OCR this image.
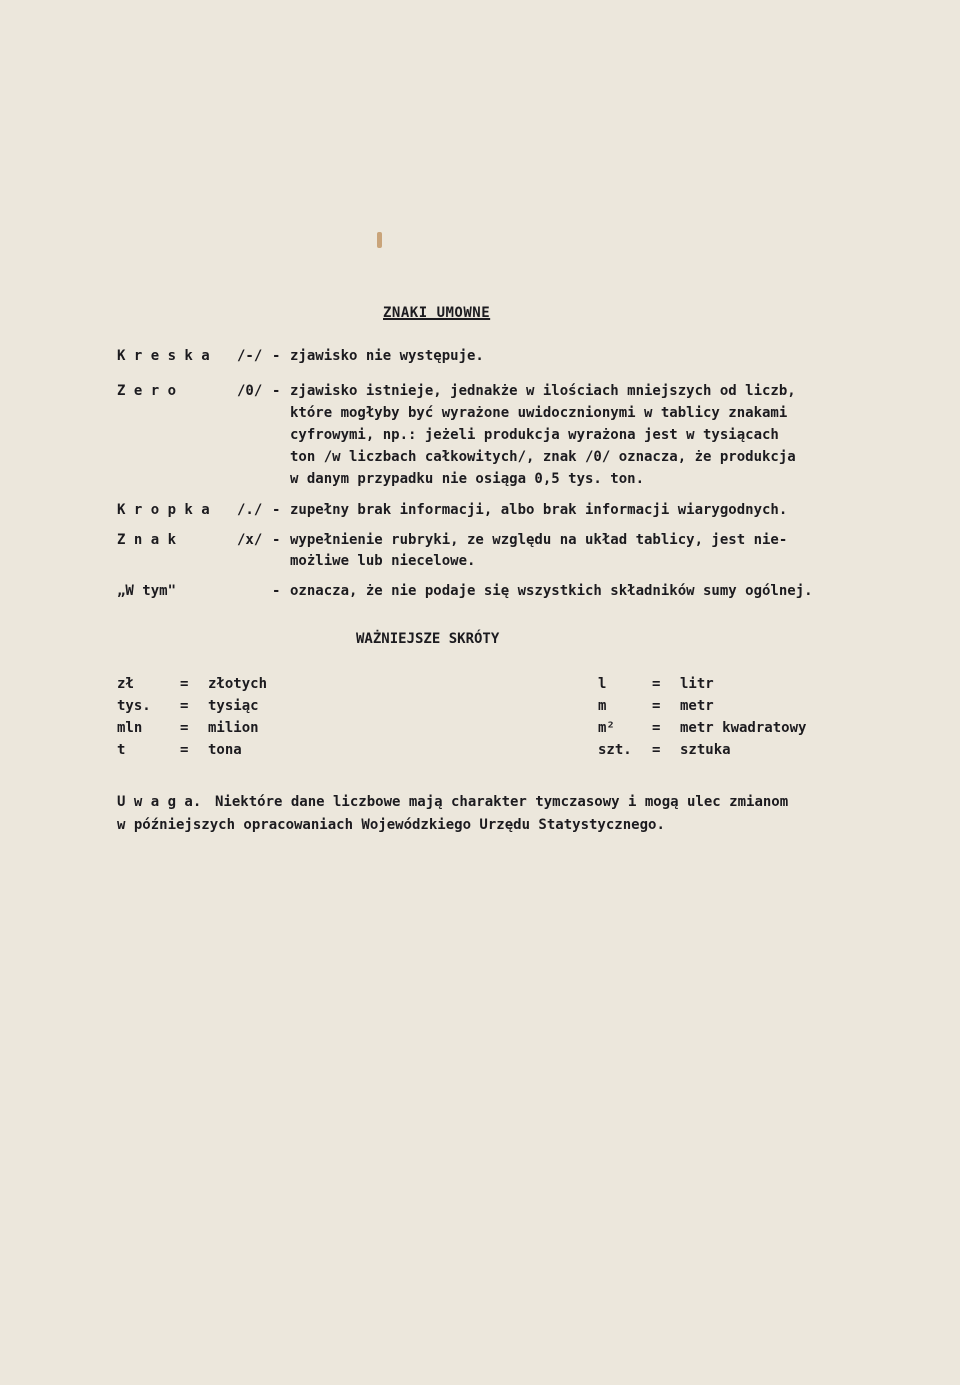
ZNAKI UMOWNE
K r e s k a /-/ - zjawisko nie występuje.
Z e r o	/0/ - zjawisko istnieje, jednakże w ilościach mniejszych od liczb,
które mogłyby być wyrażone uwidocznionymi w tablicy znakami
cyfrowymi, np.: jeżeli produkcja wyrażona jest w tysiącach
ton /w liczbach całkowitych/, znak /0/ oznacza, że produkcja
w danym przypadku nie osiąga 0,5 tys. ton.
K r o p k a /./ - zupełny brak informacji, albo brak informacji wiarygodnych.
Z n a k	/x/ - wypełnienie rubryki, ze względu na układ tablicy, jest nie-
możliwe lub niecelowe.
„W tym"	- oznacza, że nie podaje się wszystkich składników sumy ogólnej.
WAŻNIEJSZE SKRÓTY
zł	= złotych
tys. = tysiąc
mln	= milion
t	= tona
l	= litr
m	= metr
m²	= metr kwadratowy
szt. = sztuka
U w a g a. Niektóre dane liczbowe mają charakter tymczasowy i mogą ulec zmianom
w późniejszych opracowaniach Wojewódzkiego Urzędu Statystycznego.
